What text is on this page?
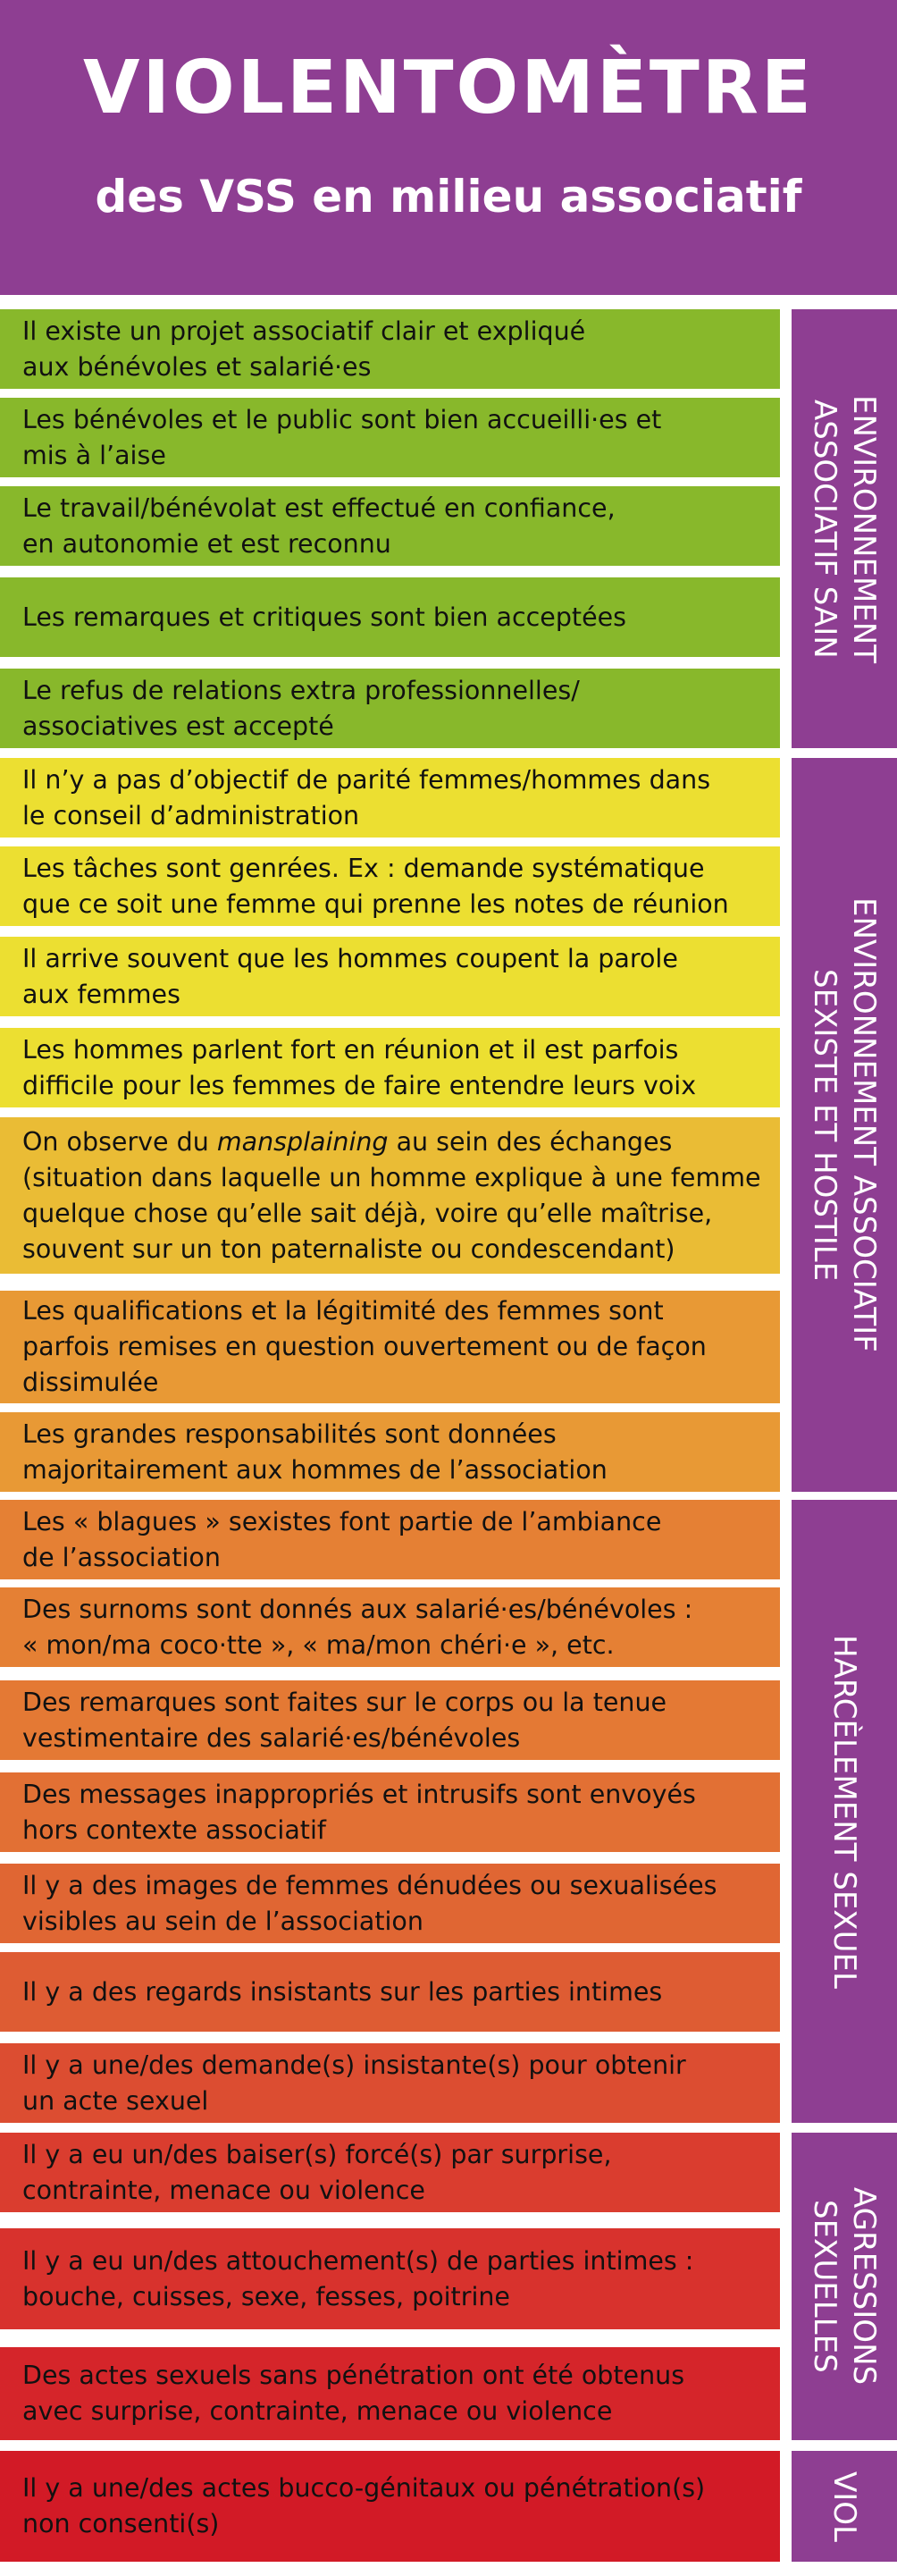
VIOLENTOMÈTRE
des VSS en milieu associatif
Il existe un projet associatif clair et expliqué
aux bénévoles et salarié·es
Les bénévoles et le public sont bien accueilli·es et
mis à l’aise
Le travail/bénévolat est effectué en confiance,
en autonomie et est reconnu
Les remarques et critiques sont bien acceptées
Le refus de relations extra professionnelles/
associatives est accepté
Il n’y a pas d’objectif de parité femmes/hommes dans
le conseil d’administration
Les tâches sont genrées. Ex : demande systématique
que ce soit une femme qui prenne les notes de réunion
Il arrive souvent que les hommes coupent la parole
aux femmes
Les hommes parlent fort en réunion et il est parfois
difficile pour les femmes de faire entendre leurs voix
On observe du mansplaining au sein des échanges
(situation dans laquelle un homme explique à une femme
quelque chose qu’elle sait déjà, voire qu’elle maîtrise,
souvent sur un ton paternaliste ou condescendant)
Les qualifications et la légitimité des femmes sont
parfois remises en question ouvertement ou de façon
dissimulée
Les grandes responsabilités sont données
majoritairement aux hommes de l’association
Les « blagues » sexistes font partie de l’ambiance
de l’association
Des surnoms sont donnés aux salarié·es/bénévoles :
« mon/ma coco·tte », « ma/mon chéri·e », etc.
Des remarques sont faites sur le corps ou la tenue
vestimentaire des salarié·es/bénévoles
Des messages inappropriés et intrusifs sont envoyés
hors contexte associatif
Il y a des images de femmes dénudées ou sexualisées
visibles au sein de l’association
Il y a des regards insistants sur les parties intimes
Il y a une/des demande(s) insistante(s) pour obtenir
un acte sexuel
Il y a eu un/des baiser(s) forcé(s) par surprise,
contrainte, menace ou violence
Il y a eu un/des attouchement(s) de parties intimes :
bouche, cuisses, sexe, fesses, poitrine
Des actes sexuels sans pénétration ont été obtenus
avec surprise, contrainte, menace ou violence
Il y a une/des actes bucco-génitaux ou pénétration(s)
non consenti(s)
ENVIRONNEMENT
ASSOCIATIF SAIN
ENVIRONNEMENT ASSOCIATIF
SEXISTE ET HOSTILE
HARCÈLEMENT SEXUEL
AGRESSIONS
SEXUELLES
VIOL
